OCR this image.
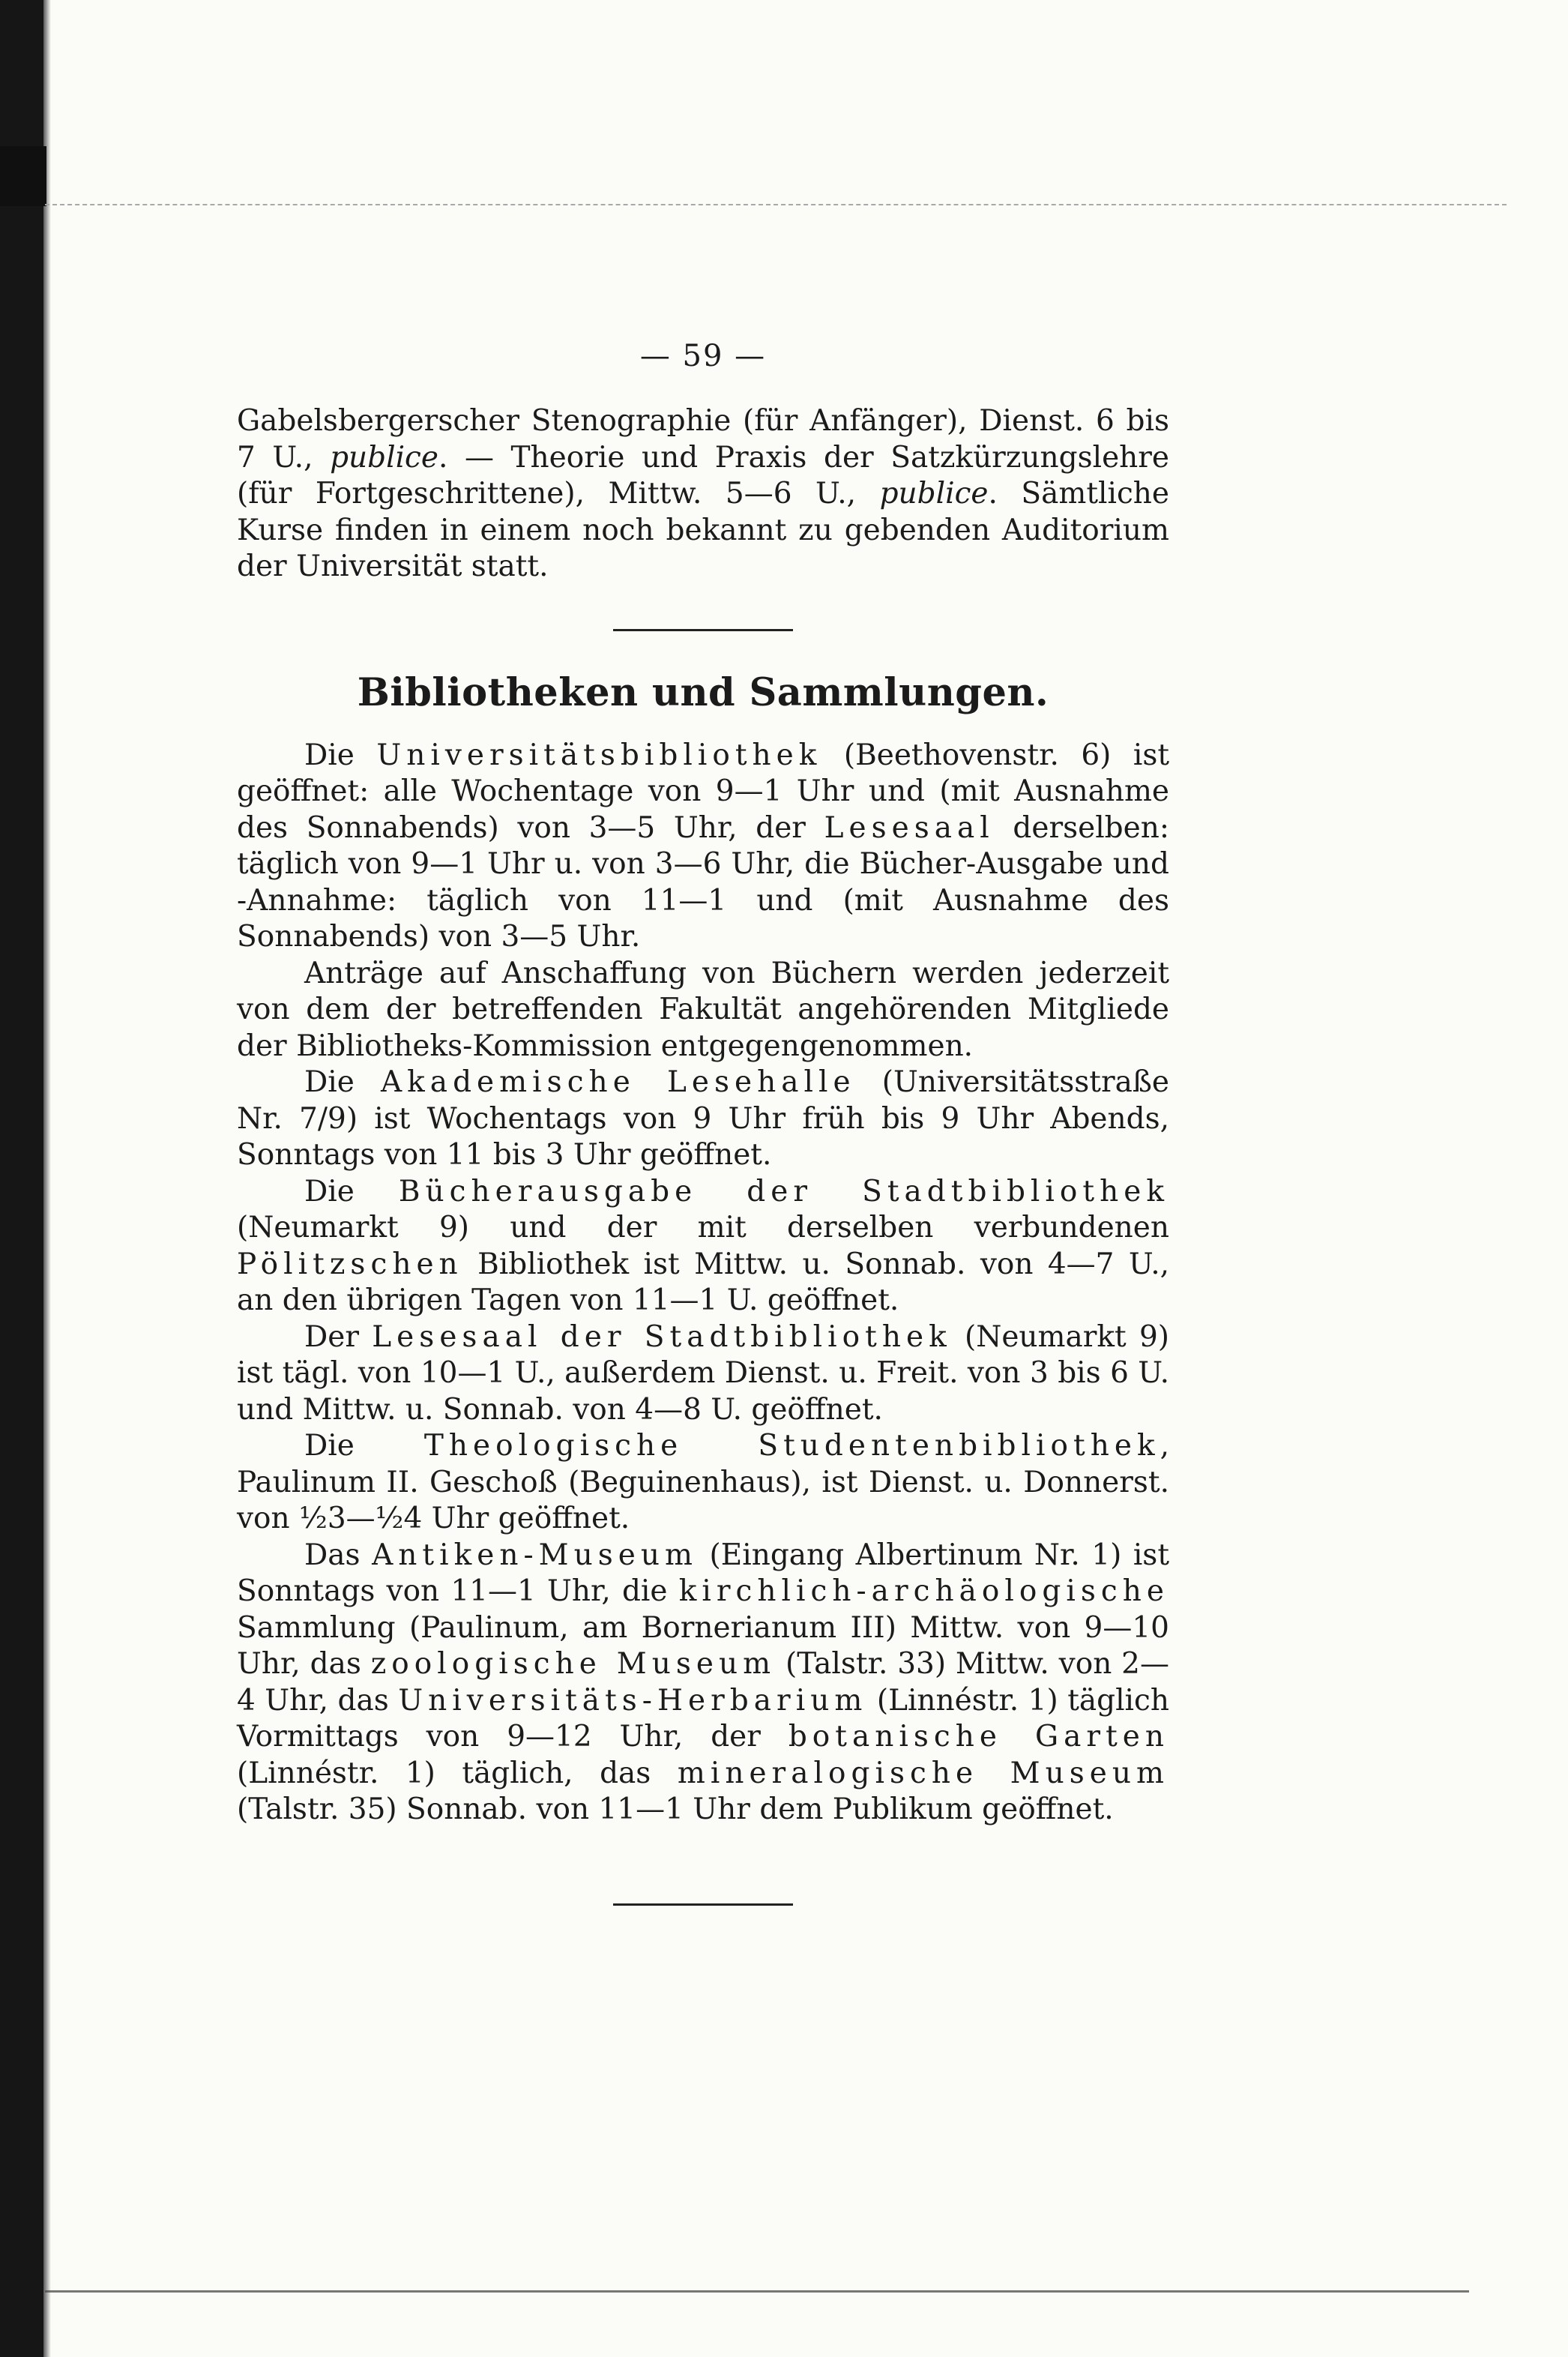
— 59 —

Gabelsbergerscher Stenographie (für Anfänger), Dienst. 6 bis 7 U., publice. — Theorie und Praxis der Satzkürzungslehre (für Fortgeschrittene), Mittw. 5—6 U., publice. Sämtliche Kurse finden in einem noch bekannt zu gebenden Auditorium der Universität statt.

Bibliotheken und Sammlungen.

Die Universitätsbibliothek (Beethovenstr. 6) ist geöffnet: alle Wochentage von 9—1 Uhr und (mit Ausnahme des Sonnabends) von 3—5 Uhr, der Lesesaal derselben: täglich von 9—1 Uhr u. von 3—6 Uhr, die Bücher-Ausgabe und -Annahme: täglich von 11—1 und (mit Ausnahme des Sonnabends) von 3—5 Uhr.

Anträge auf Anschaffung von Büchern werden jederzeit von dem der betreffenden Fakultät angehörenden Mitgliede der Bibliotheks-Kommission entgegengenommen.

Die Akademische Lesehalle (Universitätsstraße Nr. 7/9) ist Wochentags von 9 Uhr früh bis 9 Uhr Abends, Sonntags von 11 bis 3 Uhr geöffnet.

Die Bücherausgabe der Stadtbibliothek (Neumarkt 9) und der mit derselben verbundenen Pölitzschen Bibliothek ist Mittw. u. Sonnab. von 4—7 U., an den übrigen Tagen von 11—1 U. geöffnet.

Der Lesesaal der Stadtbibliothek (Neumarkt 9) ist tägl. von 10—1 U., außerdem Dienst. u. Freit. von 3 bis 6 U. und Mittw. u. Sonnab. von 4—8 U. geöffnet.

Die Theologische Studentenbibliothek, Paulinum II. Geschoß (Beguinenhaus), ist Dienst. u. Donnerst. von ½3—½4 Uhr geöffnet.

Das Antiken-Museum (Eingang Albertinum Nr. 1) ist Sonntags von 11—1 Uhr, die kirchlich-archäologische Sammlung (Paulinum, am Bornerianum III) Mittw. von 9—10 Uhr, das zoologische Museum (Talstr. 33) Mittw. von 2—4 Uhr, das Universitäts-Herbarium (Linnéstr. 1) täglich Vormittags von 9—12 Uhr, der botanische Garten (Linnéstr. 1) täglich, das mineralogische Museum (Talstr. 35) Sonnab. von 11—1 Uhr dem Publikum geöffnet.
